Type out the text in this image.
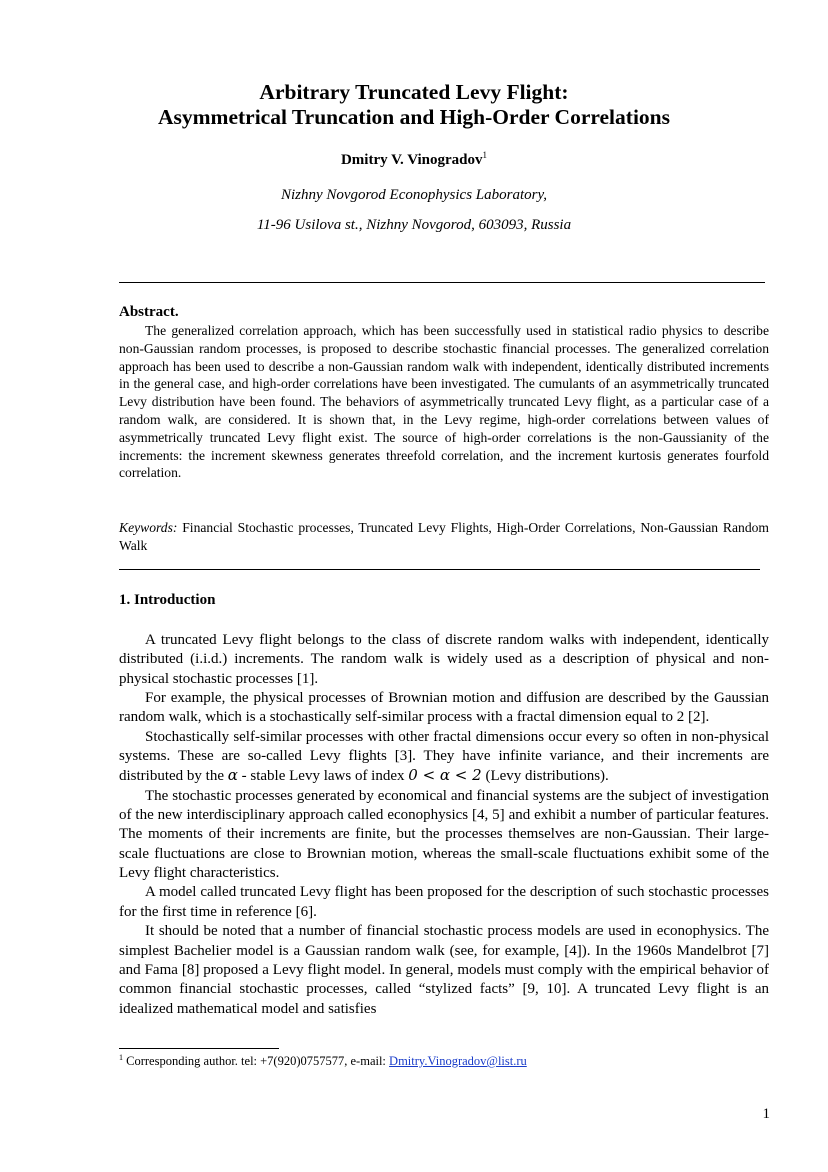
Arbitrary Truncated Levy Flight:
Asymmetrical Truncation and High-Order Correlations
Dmitry V. Vinogradov$^1$
Nizhny Novgorod Econophysics Laboratory,
11-96 Usilova st., Nizhny Novgorod, 603093, Russia
Abstract.

The generalized correlation approach, which has been successfully used in statistical radio physics to describe non-Gaussian random processes, is proposed to describe stochastic financial processes. The generalized correlation approach has been used to describe a non-Gaussian random walk with independent, identically distributed increments in the general case, and high-order correlations have been investigated. The cumulants of an asymmetrically truncated Levy distribution have been found. The behaviors of asymmetrically truncated Levy flight, as a particular case of a random walk, are considered. It is shown that, in the Levy regime, high-order correlations between values of asymmetrically truncated Levy flight exist. The source of high-order correlations is the non-Gaussianity of the increments: the increment skewness generates threefold correlation, and the increment kurtosis generates fourfold correlation.

Keywords: Financial Stochastic processes, Truncated Levy Flights, High-Order Correlations, Non-Gaussian Random Walk
1. Introduction

A truncated Levy flight belongs to the class of discrete random walks with independent, identically distributed (i.i.d.) increments. The random walk is widely used as a description of physical and non-physical stochastic processes [1].

For example, the physical processes of Brownian motion and diffusion are described by the Gaussian random walk, which is a stochastically self-similar process with a fractal dimension equal to 2 [2].

Stochastically self-similar processes with other fractal dimensions occur every so often in non-physical systems. These are so-called Levy flights [3]. They have infinite variance, and their increments are distributed by the α - stable Levy laws of index 0 < α < 2 (Levy distributions).

The stochastic processes generated by economical and financial systems are the subject of investigation of the new interdisciplinary approach called econophysics [4, 5] and exhibit a number of particular features. The moments of their increments are finite, but the processes themselves are non-Gaussian. Their large-scale fluctuations are close to Brownian motion, whereas the small-scale fluctuations exhibit some of the Levy flight characteristics.

A model called truncated Levy flight has been proposed for the description of such stochastic processes for the first time in reference [6].

It should be noted that a number of financial stochastic process models are used in econophysics. The simplest Bachelier model is a Gaussian random walk (see, for example, [4]). In the 1960s Mandelbrot [7] and Fama [8] proposed a Levy flight model. In general, models must comply with the empirical behavior of common financial stochastic processes, called “stylized facts” [9, 10]. A truncated Levy flight is an idealized mathematical model and satisfies

$^1$ Corresponding author. tel: +7(920)0757577, e-mail: Dmitry.Vinogradov@list.ru
1
